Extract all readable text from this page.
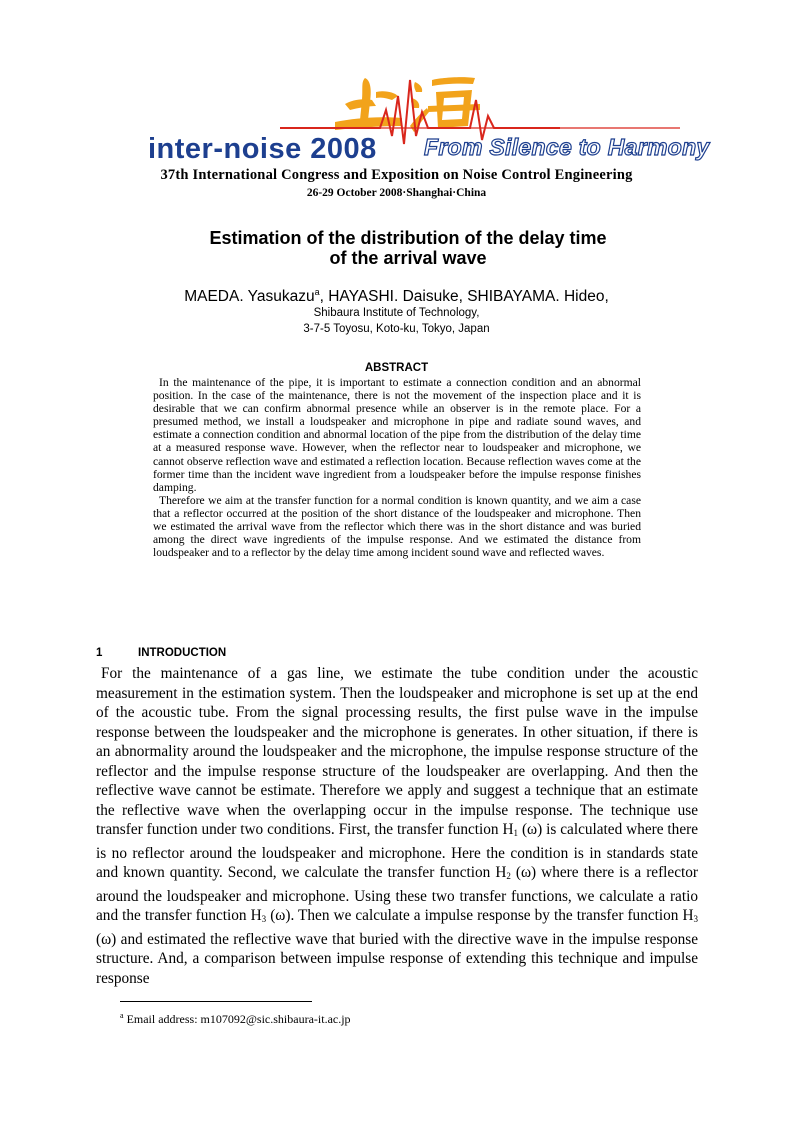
inter-noise 2008 From Silence to Harmony
37th International Congress and Exposition on Noise Control Engineering
26-29 October 2008·Shanghai·China
Estimation of the distribution of the delay time
of the arrival wave
MAEDA. Yasukazu$^a$, HAYASHI. Daisuke, SHIBAYAMA. Hideo,
Shibaura Institute of Technology,
3-7-5 Toyosu, Koto-ku, Tokyo, Japan
ABSTRACT

In the maintenance of the pipe, it is important to estimate a connection condition and an abnormal position. In the case of the maintenance, there is not the movement of the inspection place and it is desirable that we can confirm abnormal presence while an observer is in the remote place. For a presumed method, we install a loudspeaker and microphone in pipe and radiate sound waves, and estimate a connection condition and abnormal location of the pipe from the distribution of the delay time at a measured response wave. However, when the reflector near to loudspeaker and microphone, we cannot observe reflection wave and estimated a reflection location. Because reflection waves come at the former time than the incident wave ingredient from a loudspeaker before the impulse response finishes damping.

Therefore we aim at the transfer function for a normal condition is known quantity, and we aim a case that a reflector occurred at the position of the short distance of the loudspeaker and microphone. Then we estimated the arrival wave from the reflector which there was in the short distance and was buried among the direct wave ingredients of the impulse response. And we estimated the distance from loudspeaker and to a reflector by the delay time among incident sound wave and reflected waves.

1	INTRODUCTION

For the maintenance of a gas line, we estimate the tube condition under the acoustic measurement in the estimation system. Then the loudspeaker and microphone is set up at the end of the acoustic tube. From the signal processing results, the first pulse wave in the impulse response between the loudspeaker and the microphone is generates. In other situation, if there is an abnormality around the loudspeaker and the microphone, the impulse response structure of the reflector and the impulse response structure of the loudspeaker are overlapping. And then the reflective wave cannot be estimate. Therefore we apply and suggest a technique that an estimate the reflective wave when the overlapping occur in the impulse response. The technique use transfer function under two conditions. First, the transfer function $H_1$ (ω) is calculated where there is no reflector around the loudspeaker and microphone. Here the condition is in standards state and known quantity. Second, we calculate the transfer function $H_2$ (ω) where there is a reflector around the loudspeaker and microphone. Using these two transfer functions, we calculate a ratio and the transfer function $H_3$ (ω). Then we calculate a impulse response by the transfer function $H_3$ (ω) and estimated the reflective wave that buried with the directive wave in the impulse response structure. And, a comparison between impulse response of extending this technique and impulse response

$^a$ Email address: m107092@sic.shibaura-it.ac.jp
